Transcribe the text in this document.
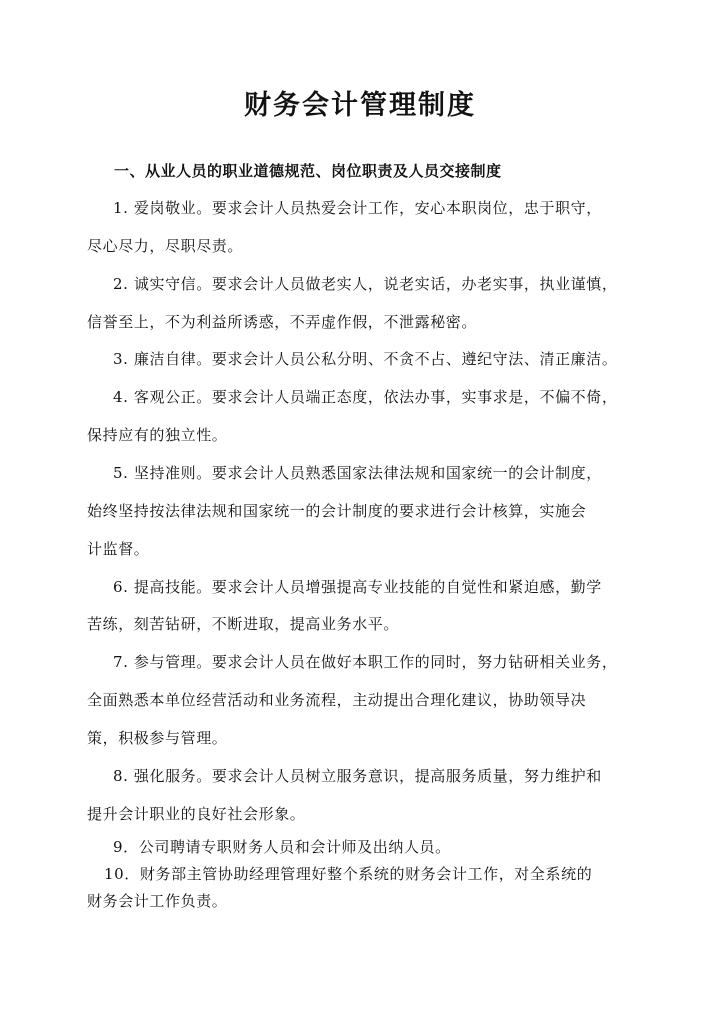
财务会计管理制度
一、从业人员的职业道德规范、岗位职责及人员交接制度
1. 爱岗敬业。要求会计人员热爱会计工作，安心本职岗位，忠于职守，
尽心尽力，尽职尽责。
2. 诚实守信。要求会计人员做老实人，说老实话，办老实事，执业谨慎，
信誉至上，不为利益所诱惑，不弄虚作假，不泄露秘密。
3. 廉洁自律。要求会计人员公私分明、不贪不占、遵纪守法、清正廉洁。
4. 客观公正。要求会计人员端正态度，依法办事，实事求是，不偏不倚，
保持应有的独立性。
5. 坚持准则。要求会计人员熟悉国家法律法规和国家统一的会计制度，
始终坚持按法律法规和国家统一的会计制度的要求进行会计核算，实施会
计监督。
6. 提高技能。要求会计人员增强提高专业技能的自觉性和紧迫感，勤学
苦练，刻苦钻研，不断进取，提高业务水平。
7. 参与管理。要求会计人员在做好本职工作的同时，努力钻研相关业务，
全面熟悉本单位经营活动和业务流程，主动提出合理化建议，协助领导决
策，积极参与管理。
8. 强化服务。要求会计人员树立服务意识，提高服务质量，努力维护和
提升会计职业的良好社会形象。
9．公司聘请专职财务人员和会计师及出纳人员。
10．财务部主管协助经理管理好整个系统的财务会计工作，对全系统的
财务会计工作负责。
